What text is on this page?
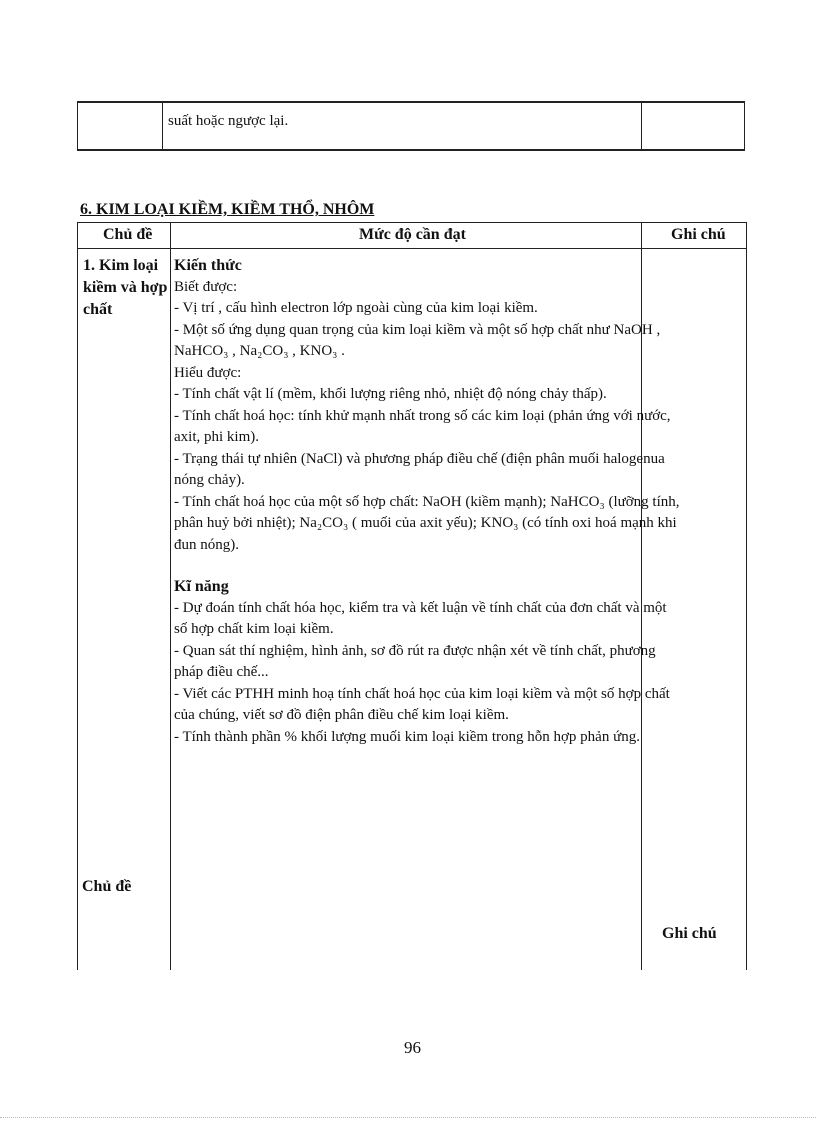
suất hoặc ngược lại.
6. KIM LOẠI KIỀM, KIỀM THỔ, NHÔM
Chủ đề	Mức độ cần đạt	Ghi chú
1. Kim loại
kiềm và hợp
chất
Kiến thức
Biết được:
- Vị trí , cấu hình electron lớp ngoài cùng của kim loại kiềm.
- Một số ứng dụng quan trọng của kim loại kiềm và một số hợp chất như NaOH ,
NaHCO₃ , Na₂CO₃ , KNO₃ .
Hiểu được:
- Tính chất vật lí (mềm, khối lượng riêng nhỏ, nhiệt độ nóng chảy thấp).
- Tính chất hoá học: tính khử mạnh nhất trong số các kim loại (phản ứng với nước,
axit, phi kim).
- Trạng thái tự nhiên (NaCl) và phương pháp điều chế (điện phân muối halogenua
nóng chảy).
- Tính chất hoá học của một số hợp chất: NaOH (kiềm mạnh); NaHCO₃ (lưỡng tính,
phân huỷ bởi nhiệt); Na₂CO₃ ( muối của axit yếu); KNO₃ (có tính oxi hoá mạnh khi
đun nóng).
Kĩ năng
- Dự đoán tính chất hóa học, kiểm tra và kết luận về tính chất của đơn chất và một
số hợp chất kim loại kiềm.
- Quan sát thí nghiệm, hình ảnh, sơ đồ rút ra được nhận xét về tính chất, phương
pháp điều chế...
- Viết các PTHH minh hoạ tính chất hoá học của kim loại kiềm và một số hợp chất
của chúng, viết sơ đồ điện phân điều chế kim loại kiềm.
- Tính thành phần % khối lượng muối kim loại kiềm trong hỗn hợp phản ứng.
Chủ đề
Ghi chú
96
